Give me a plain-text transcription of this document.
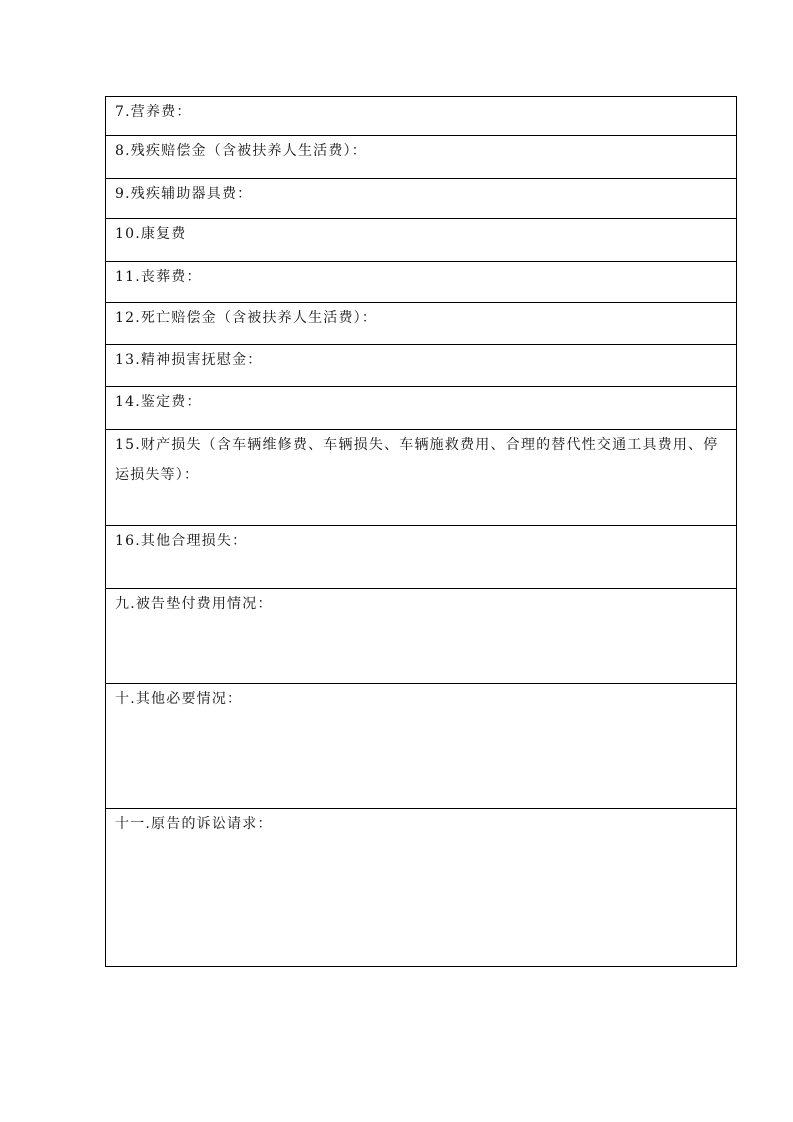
7.营养费：
8.残疾赔偿金（含被扶养人生活费）：
9.残疾辅助器具费：
10.康复费
11.丧葬费：
12.死亡赔偿金（含被扶养人生活费）：
13.精神损害抚慰金：
14.鉴定费：
15.财产损失（含车辆维修费、车辆损失、车辆施救费用、合理的替代性交通工具费用、停运损失等）：
16.其他合理损失：
九.被告垫付费用情况：
十.其他必要情况：
十一.原告的诉讼请求：
